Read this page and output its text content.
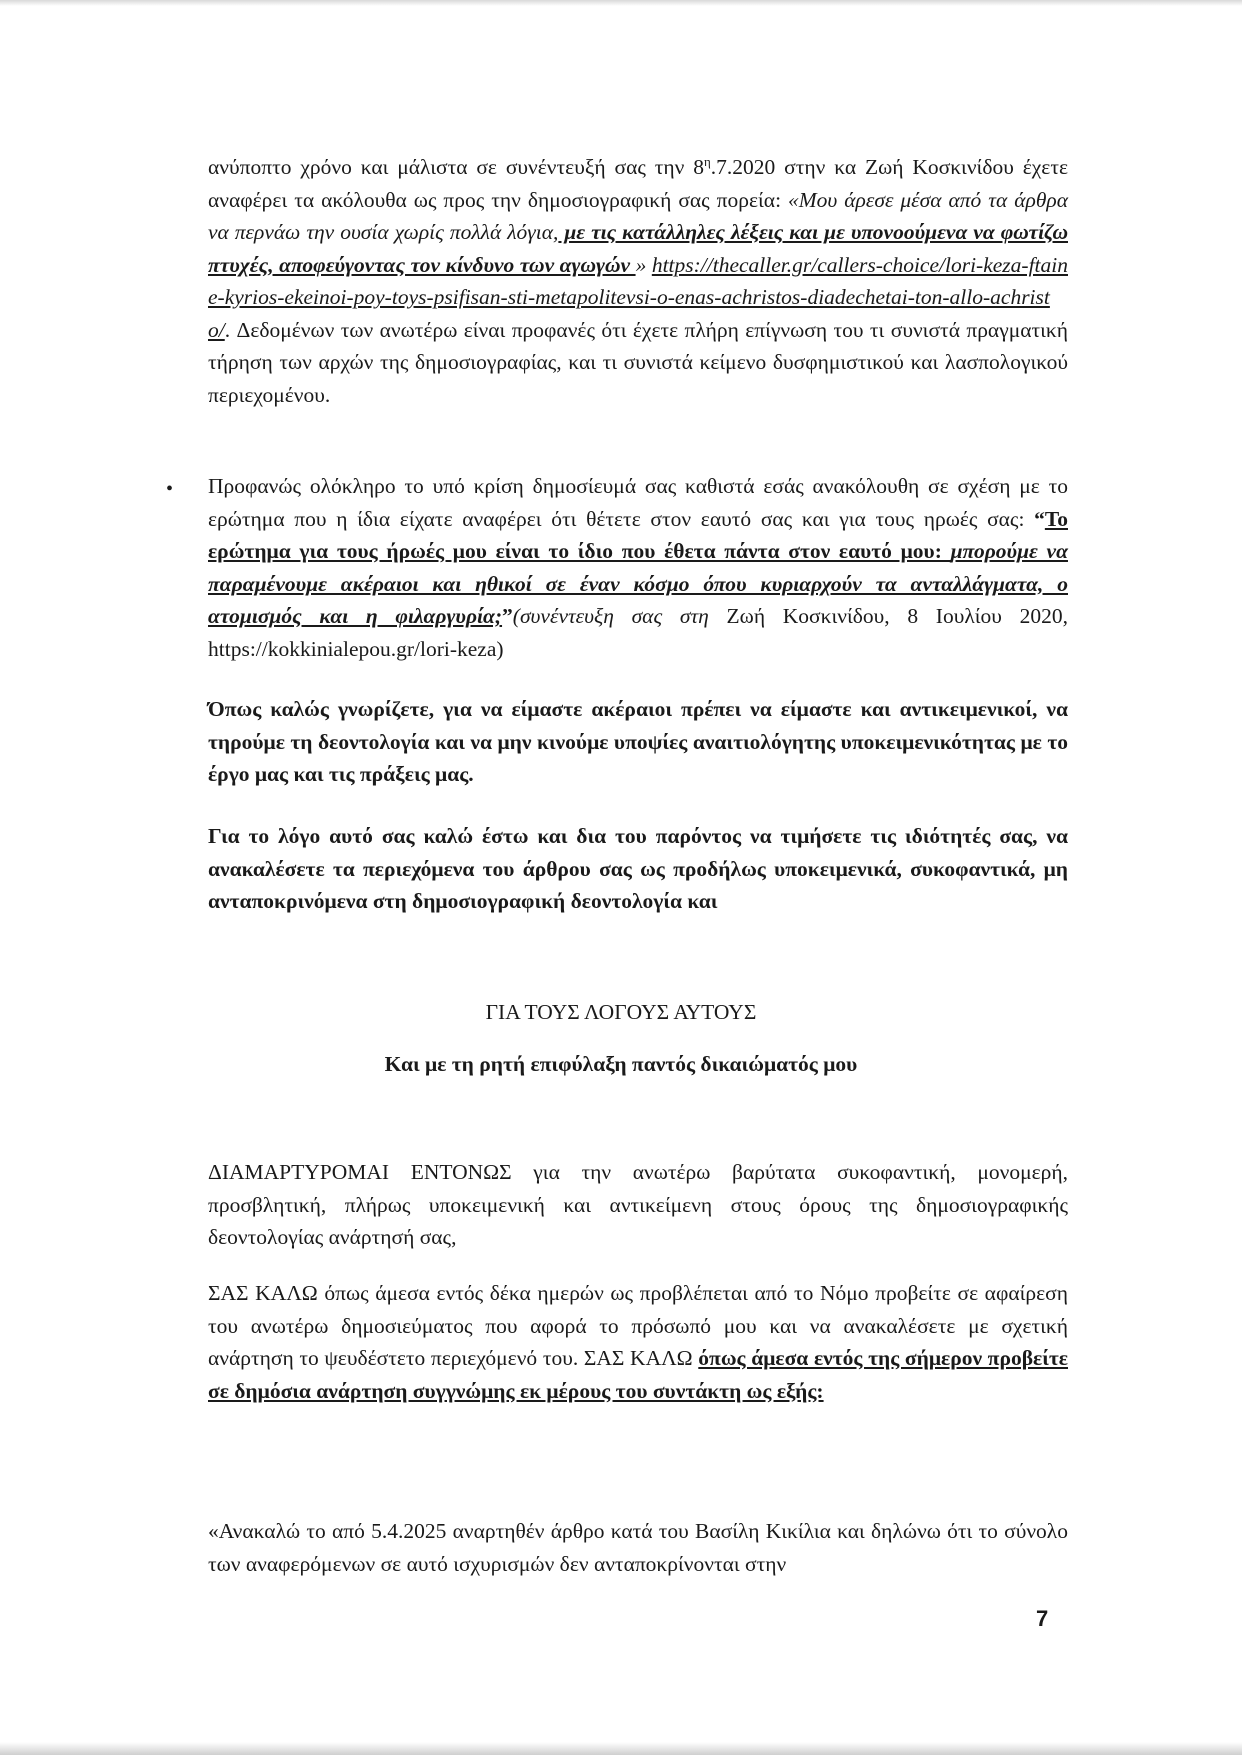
ανύποπτο χρόνο και μάλιστα σε συνέντευξή σας την $8^\eta.7.2020$ στην κα Ζωή Κοσκινίδου έχετε αναφέρει τα ακόλουθα ως προς την δημοσιογραφική σας πορεία: «Μου άρεσε μέσα από τα άρθρα να περνάω την ουσία χωρίς πολλά λόγια, με τις κατάλληλες λέξεις και με υπονοούμενα να φωτίζω πτυχές, αποφεύγοντας τον κίνδυνο των αγωγών » https://thecaller.gr/callers-choice/lori-keza-ftaine-kyrios-ekeinoi-poy-toys-psifisan-sti-metapolitevsi-o-enas-achristos-diadechetai-ton-allo-achristo/. Δεδομένων των ανωτέρω είναι προφανές ότι έχετε πλήρη επίγνωση του τι συνιστά πραγματική τήρηση των αρχών της δημοσιογραφίας, και τι συνιστά κείμενο δυσφημιστικού και λασπολογικού περιεχομένου.

• Προφανώς ολόκληρο το υπό κρίση δημοσίευμά σας καθιστά εσάς ανακόλουθη σε σχέση με το ερώτημα που η ίδια είχατε αναφέρει ότι θέτετε στον εαυτό σας και για τους ηρωές σας: “Το ερώτημα για τους ήρωές μου είναι το ίδιο που έθετα πάντα στον εαυτό μου: μπορούμε να παραμένουμε ακέραιοι και ηθικοί σε έναν κόσμο όπου κυριαρχούν τα ανταλλάγματα, ο ατομισμός και η φιλαργυρία;”(συνέντευξη σας στη Ζωή Κοσκινίδου, 8 Ιουλίου 2020, https://kokkinialepou.gr/lori-keza)

Όπως καλώς γνωρίζετε, για να είμαστε ακέραιοι πρέπει να είμαστε και αντικειμενικοί, να τηρούμε τη δεοντολογία και να μην κινούμε υποψίες αναιτιολόγητης υποκειμενικότητας με το έργο μας και τις πράξεις μας.

Για το λόγο αυτό σας καλώ έστω και δια του παρόντος να τιμήσετε τις ιδιότητές σας, να ανακαλέσετε τα περιεχόμενα του άρθρου σας ως προδήλως υποκειμενικά, συκοφαντικά, μη ανταποκρινόμενα στη δημοσιογραφική δεοντολογία και

ΓΙΑ ΤΟΥΣ ΛΟΓΟΥΣ ΑΥΤΟΥΣ
Και με τη ρητή επιφύλαξη παντός δικαιώματός μου

ΔΙΑΜΑΡΤΥΡΟΜΑΙ ΕΝΤΟΝΩΣ για την ανωτέρω βαρύτατα συκοφαντική, μονομερή, προσβλητική, πλήρως υποκειμενική και αντικείμενη στους όρους της δημοσιογραφικής δεοντολογίας ανάρτησή σας,

ΣΑΣ ΚΑΛΩ όπως άμεσα εντός δέκα ημερών ως προβλέπεται από το Νόμο προβείτε σε αφαίρεση του ανωτέρω δημοσιεύματος που αφορά το πρόσωπό μου και να ανακαλέσετε με σχετική ανάρτηση το ψευδέστετο περιεχόμενό του. ΣΑΣ ΚΑΛΩ όπως άμεσα εντός της σήμερον προβείτε σε δημόσια ανάρτηση συγγνώμης εκ μέρους του συντάκτη ως εξής:

«Ανακαλώ το από 5.4.2025 αναρτηθέν άρθρο κατά του Βασίλη Κικίλια και δηλώνω ότι το σύνολο των αναφερόμενων σε αυτό ισχυρισμών δεν ανταποκρίνονται στην

7
